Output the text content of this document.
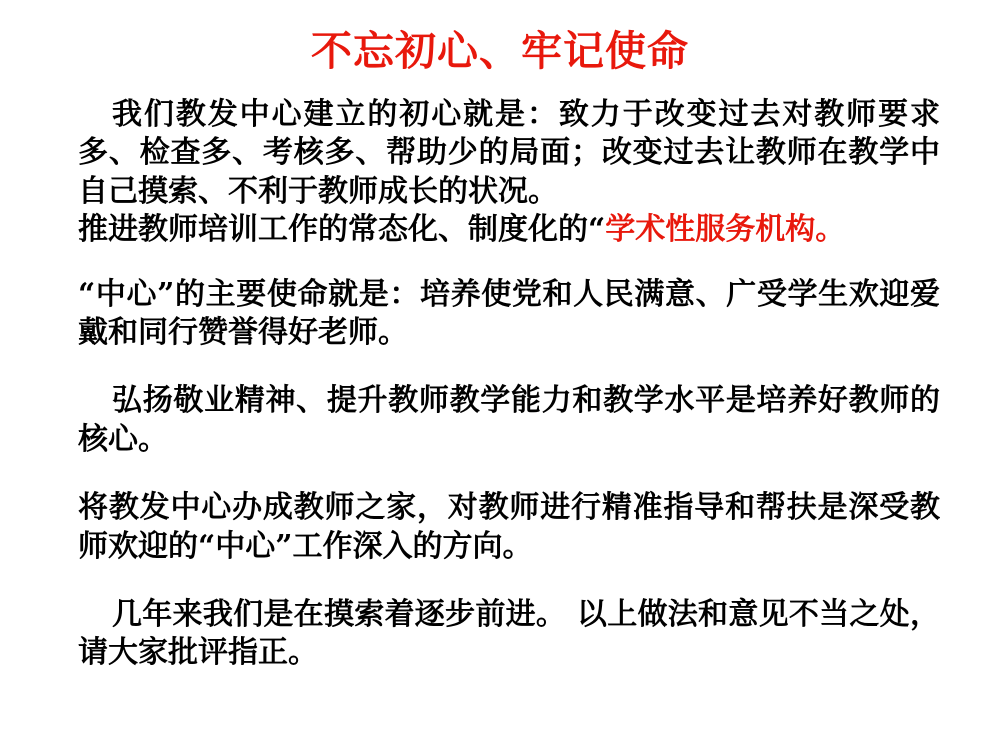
不忘初心、牢记使命

我们教发中心建立的初心就是：致力于改变过去对教师要求多、检查多、考核多、帮助少的局面；改变过去让教师在教学中自己摸索、不利于教师成长的状况。

推进教师培训工作的常态化、制度化的“学术性服务机构。

“中心”的主要使命就是：培养使党和人民满意、广受学生欢迎爱戴和同行赞誉得好老师。

弘扬敬业精神、提升教师教学能力和教学水平是培养好教师的核心。

将教发中心办成教师之家，对教师进行精准指导和帮扶是深受教师欢迎的“中心”工作深入的方向。

几年来我们是在摸索着逐步前进。 以上做法和意见不当之处，请大家批评指正。
